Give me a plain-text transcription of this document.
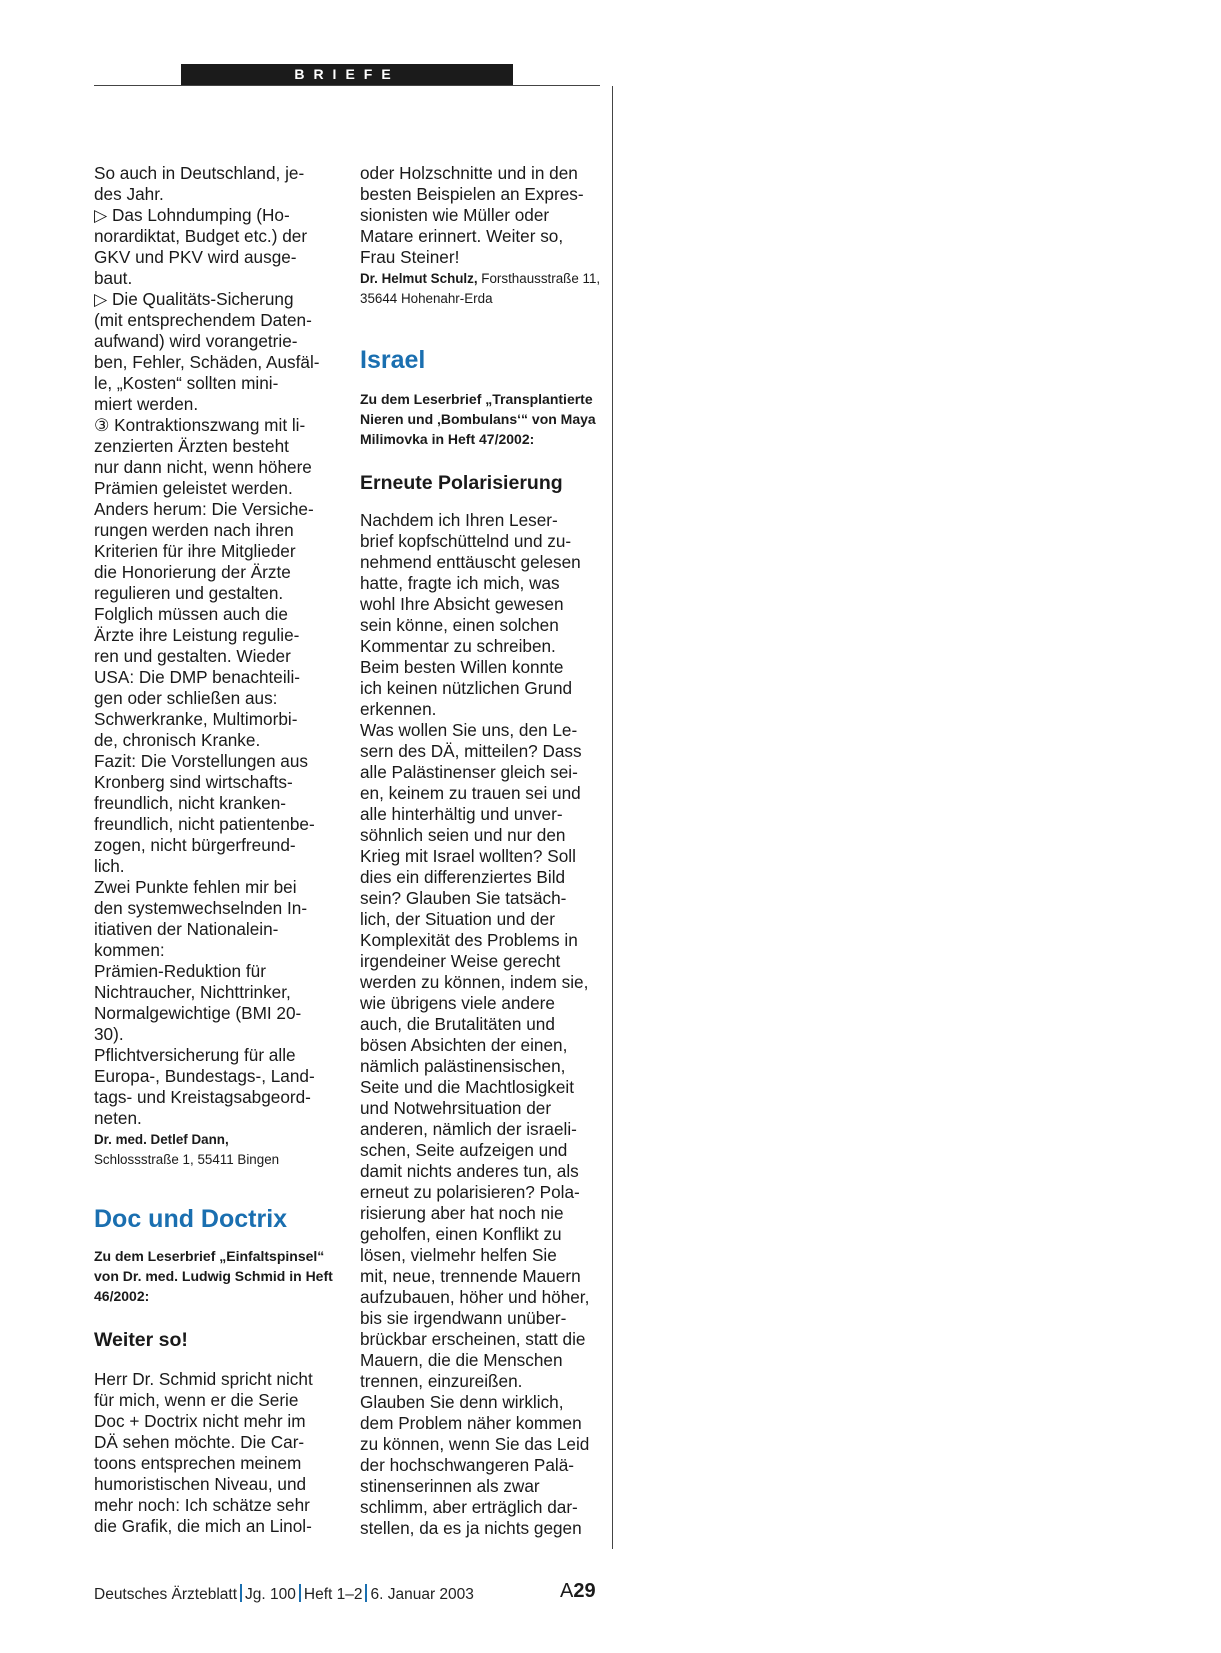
BRIEFE
So auch in Deutschland, je-
des Jahr.
▷ Das Lohndumping (Ho-
norardiktat, Budget etc.) der
GKV und PKV wird ausge-
baut.
▷ Die Qualitäts-Sicherung
(mit entsprechendem Daten-
aufwand) wird vorangetrie-
ben, Fehler, Schäden, Ausfäl-
le, „Kosten“ sollten mini-
miert werden.
③ Kontraktionszwang mit li-
zenzierten Ärzten besteht
nur dann nicht, wenn höhere
Prämien geleistet werden.
Anders herum: Die Versiche-
rungen werden nach ihren
Kriterien für ihre Mitglieder
die Honorierung der Ärzte
regulieren und gestalten.
Folglich müssen auch die
Ärzte ihre Leistung regulie-
ren und gestalten. Wieder
USA: Die DMP benachteili-
gen oder schließen aus:
Schwerkranke, Multimorbi-
de, chronisch Kranke.
Fazit: Die Vorstellungen aus
Kronberg sind wirtschafts-
freundlich, nicht kranken-
freundlich, nicht patientenbe-
zogen, nicht bürgerfreund-
lich.
Zwei Punkte fehlen mir bei
den systemwechselnden In-
itiativen der Nationalein-
kommen:
Prämien-Reduktion für
Nichtraucher, Nichttrinker,
Normalgewichtige (BMI 20-
30).
Pflichtversicherung für alle
Europa-, Bundestags-, Land-
tags- und Kreistagsabgeord-
neten.
Dr. med. Detlef Dann,
Schlossstraße 1, 55411 Bingen
Doc und Doctrix
Zu dem Leserbrief „Einfaltspinsel“
von Dr. med. Ludwig Schmid in Heft
46/2002:
Weiter so!
Herr Dr. Schmid spricht nicht
für mich, wenn er die Serie
Doc + Doctrix nicht mehr im
DÄ sehen möchte. Die Car-
toons entsprechen meinem
humoristischen Niveau, und
mehr noch: Ich schätze sehr
die Grafik, die mich an Linol-
oder Holzschnitte und in den
besten Beispielen an Expres-
sionisten wie Müller oder
Matare erinnert. Weiter so,
Frau Steiner!
Dr. Helmut Schulz, Forsthausstraße 11,
35644 Hohenahr-Erda
Israel
Zu dem Leserbrief „Transplantierte
Nieren und ‚Bombulans‘“ von Maya
Milimovka in Heft 47/2002:
Erneute Polarisierung
Nachdem ich Ihren Leser-
brief kopfschüttelnd und zu-
nehmend enttäuscht gelesen
hatte, fragte ich mich, was
wohl Ihre Absicht gewesen
sein könne, einen solchen
Kommentar zu schreiben.
Beim besten Willen konnte
ich keinen nützlichen Grund
erkennen.
Was wollen Sie uns, den Le-
sern des DÄ, mitteilen? Dass
alle Palästinenser gleich sei-
en, keinem zu trauen sei und
alle hinterhältig und unver-
söhnlich seien und nur den
Krieg mit Israel wollten? Soll
dies ein differenziertes Bild
sein? Glauben Sie tatsäch-
lich, der Situation und der
Komplexität des Problems in
irgendeiner Weise gerecht
werden zu können, indem sie,
wie übrigens viele andere
auch, die Brutalitäten und
bösen Absichten der einen,
nämlich palästinensischen,
Seite und die Machtlosigkeit
und Notwehrsituation der
anderen, nämlich der israeli-
schen, Seite aufzeigen und
damit nichts anderes tun, als
erneut zu polarisieren? Pola-
risierung aber hat noch nie
geholfen, einen Konflikt zu
lösen, vielmehr helfen Sie
mit, neue, trennende Mauern
aufzubauen, höher und höher,
bis sie irgendwann unüber-
brückbar erscheinen, statt die
Mauern, die die Menschen
trennen, einzureißen.
Glauben Sie denn wirklich,
dem Problem näher kommen
zu können, wenn Sie das Leid
der hochschwangeren Palä-
stinenserinnen als zwar
schlimm, aber erträglich dar-
stellen, da es ja nichts gegen
Deutsches Ärzteblatt Jg. 100 Heft 1–2 6. Januar 2003	A29
